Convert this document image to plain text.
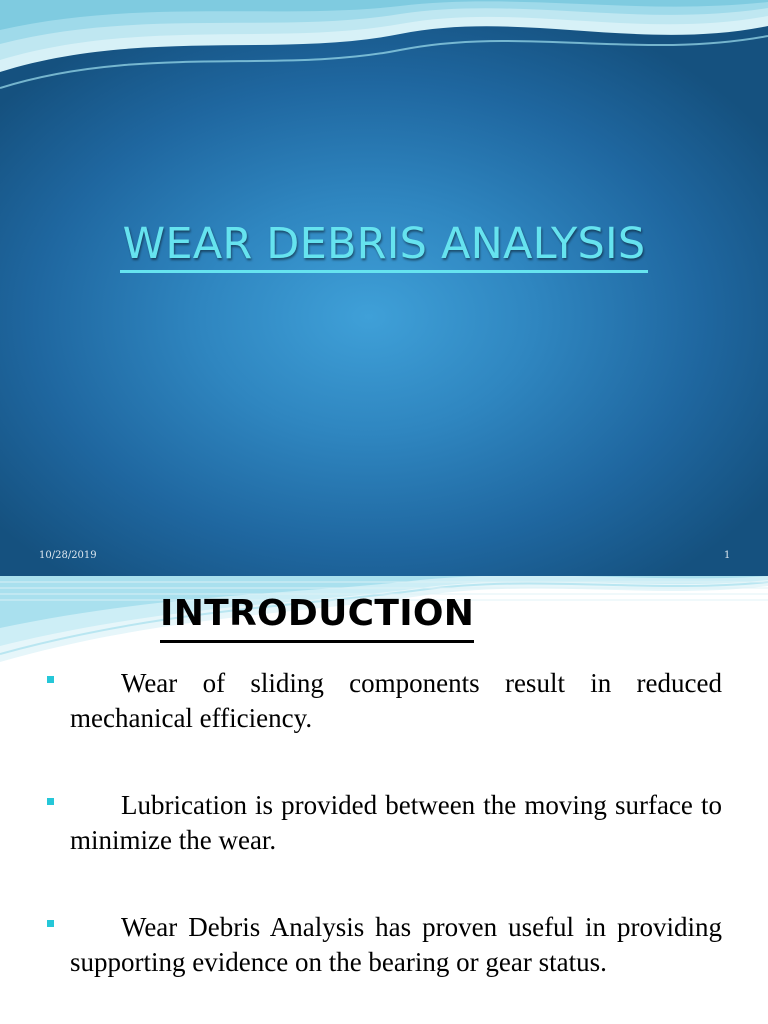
WEAR DEBRIS ANALYSIS
10/28/2019	1
INTRODUCTION
Wear of sliding components result in reduced mechanical efficiency.
Lubrication is provided between the moving surface to minimize the wear.
Wear Debris Analysis has proven useful in providing supporting evidence on the bearing or gear status.
